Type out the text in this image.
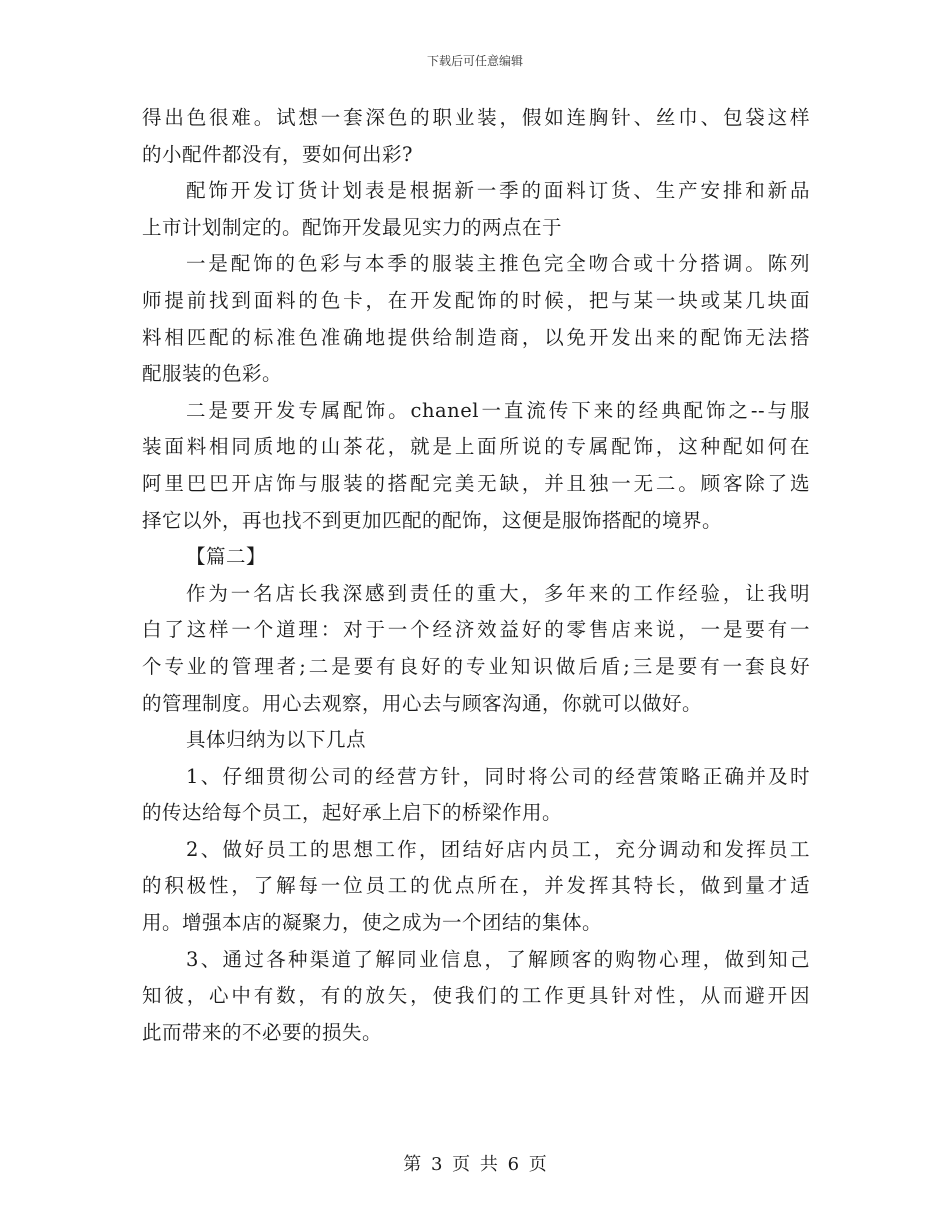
下载后可任意编辑
得出色很难。试想一套深色的职业装，假如连胸针、丝巾、包袋这样
的小配件都没有，要如何出彩?
配饰开发订货计划表是根据新一季的面料订货、生产安排和新品
上市计划制定的。配饰开发最见实力的两点在于
一是配饰的色彩与本季的服装主推色完全吻合或十分搭调。陈列
师提前找到面料的色卡，在开发配饰的时候，把与某一块或某几块面
料相匹配的标准色准确地提供给制造商，以免开发出来的配饰无法搭
配服装的色彩。
二是要开发专属配饰。chanel一直流传下来的经典配饰之--与服
装面料相同质地的山茶花，就是上面所说的专属配饰，这种配如何在
阿里巴巴开店饰与服装的搭配完美无缺，并且独一无二。顾客除了选
择它以外，再也找不到更加匹配的配饰，这便是服饰搭配的境界。
【篇二】
作为一名店长我深感到责任的重大，多年来的工作经验，让我明
白了这样一个道理：对于一个经济效益好的零售店来说，一是要有一
个专业的管理者;二是要有良好的专业知识做后盾;三是要有一套良好
的管理制度。用心去观察，用心去与顾客沟通，你就可以做好。
具体归纳为以下几点
1、仔细贯彻公司的经营方针，同时将公司的经营策略正确并及时
的传达给每个员工，起好承上启下的桥梁作用。
2、做好员工的思想工作，团结好店内员工，充分调动和发挥员工
的积极性，了解每一位员工的优点所在，并发挥其特长，做到量才适
用。增强本店的凝聚力，使之成为一个团结的集体。
3、通过各种渠道了解同业信息，了解顾客的购物心理，做到知己
知彼，心中有数，有的放矢，使我们的工作更具针对性，从而避开因
此而带来的不必要的损失。
第 3 页 共 6 页
